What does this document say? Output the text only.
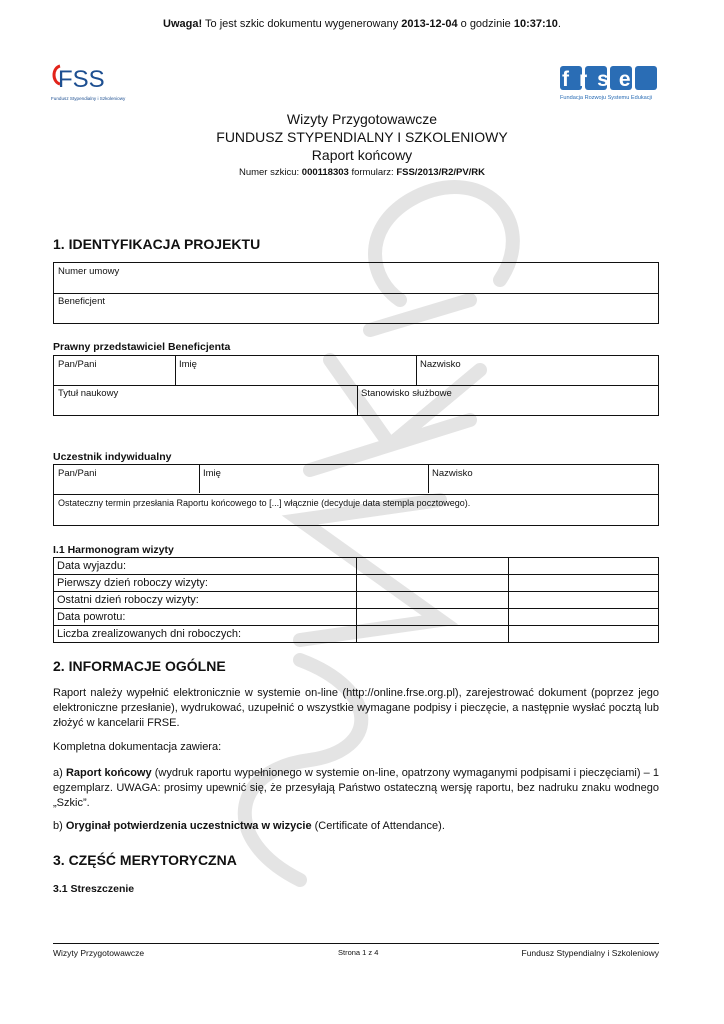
Uwaga! To jest szkic dokumentu wygenerowany 2013-12-04 o godzinie 10:37:10.
FSS
Fundusz Stypendialny i Szkoleniowy
frse
Fundacja Rozwoju Systemu Edukacji
Wizyty Przygotowawcze
FUNDUSZ STYPENDIALNY I SZKOLENIOWY
Raport końcowy
Numer szkicu: 000118303 formularz: FSS/2013/R2/PV/RK
1. IDENTYFIKACJA PROJEKTU
Numer umowy
Beneficjent
Prawny przedstawiciel Beneficjenta
Pan/Pani	Imię	Nazwisko
Tytuł naukowy	Stanowisko służbowe
Uczestnik indywidualny
Pan/Pani	Imię	Nazwisko
Ostateczny termin przesłania Raportu końcowego to [...] włącznie (decyduje data stempla pocztowego).
I.1 Harmonogram wizyty
Data wyjazdu:		
Pierwszy dzień roboczy wizyty:		
Ostatni dzień roboczy wizyty:		
Data powrotu:		
Liczba zrealizowanych dni roboczych:		
2. INFORMACJE OGÓLNE
Raport należy wypełnić elektronicznie w systemie on-line (http://online.frse.org.pl), zarejestrować dokument (poprzez jego elektroniczne przesłanie), wydrukować, uzupełnić o wszystkie wymagane podpisy i pieczęcie, a następnie wysłać pocztą lub złożyć w kancelarii FRSE.
Kompletna dokumentacja zawiera:
a) Raport końcowy (wydruk raportu wypełnionego w systemie on-line, opatrzony wymaganymi podpisami i pieczęciami) – 1 egzemplarz. UWAGA: prosimy upewnić się, że przesyłają Państwo ostateczną wersję raportu, bez nadruku znaku wodnego „Szkic”.
b) Oryginał potwierdzenia uczestnictwa w wizycie (Certificate of Attendance).
3. CZĘŚĆ MERYTORYCZNA
3.1 Streszczenie
Wizyty Przygotowawcze	Strona 1 z 4	Fundusz Stypendialny i Szkoleniowy
